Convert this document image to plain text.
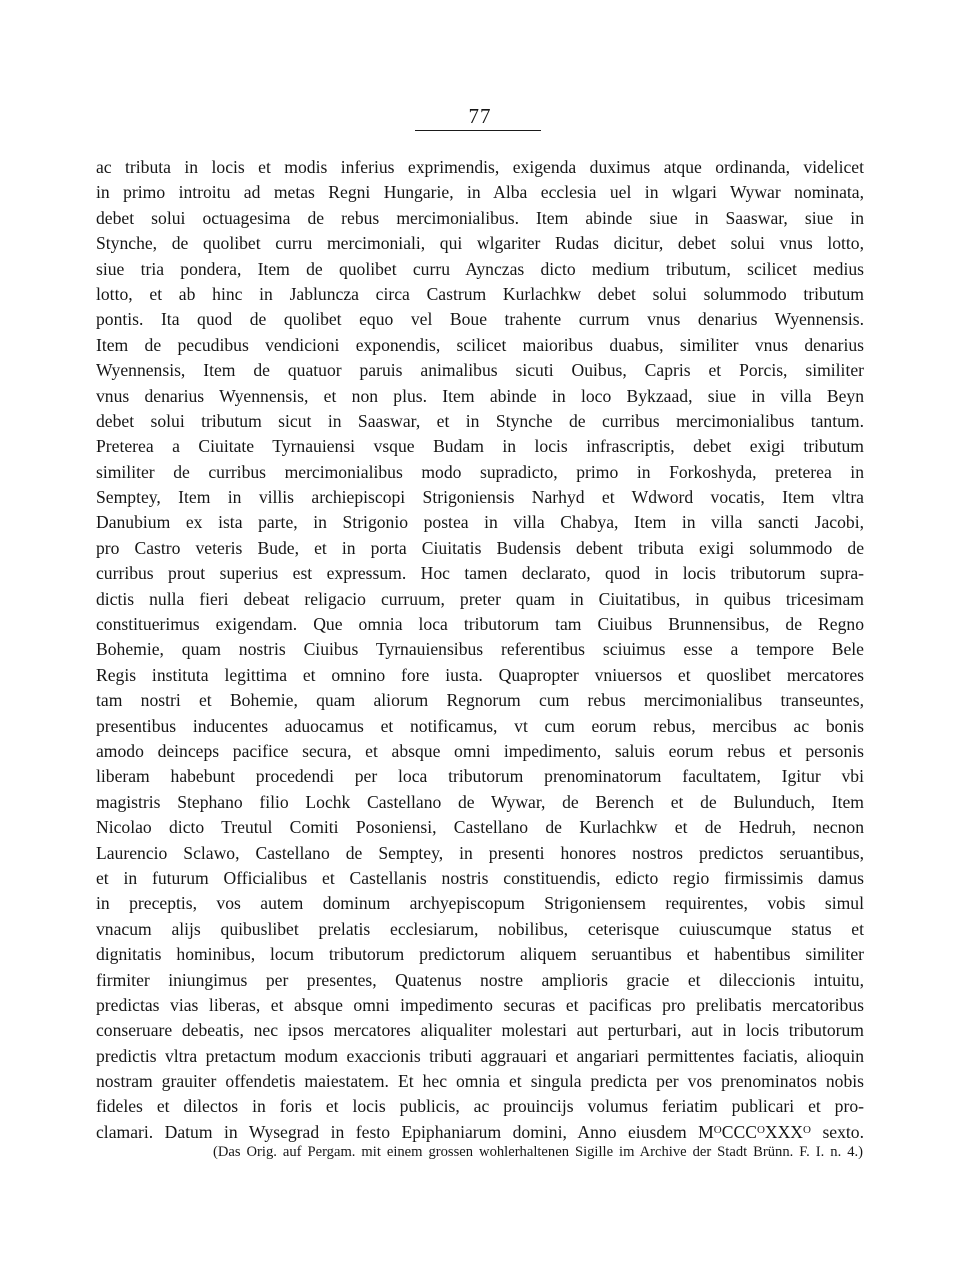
77
ac tributa in locis et modis inferius exprimendis, exigenda duximus atque ordinanda, videlicet
in primo introitu ad metas Regni Hungarie, in Alba ecclesia uel in wlgari Wywar nominata,
debet solui octuagesima de rebus mercimonialibus. Item abinde siue in Saaswar, siue in
Stynche, de quolibet curru mercimoniali, qui wlgariter Rudas dicitur, debet solui vnus lotto,
siue tria pondera, Item de quolibet curru Aynczas dicto medium tributum, scilicet medius
lotto, et ab hinc in Jabluncza circa Castrum Kurlachkw debet solui solummodo tributum
pontis. Ita quod de quolibet equo vel Boue trahente currum vnus denarius Wyennensis.
Item de pecudibus vendicioni exponendis, scilicet maioribus duabus, similiter vnus denarius
Wyennensis, Item de quatuor paruis animalibus sicuti Ouibus, Capris et Porcis, similiter
vnus denarius Wyennensis, et non plus. Item abinde in loco Bykzaad, siue in villa Beyn
debet solui tributum sicut in Saaswar, et in Stynche de curribus mercimonialibus tantum.
Preterea a Ciuitate Tyrnauiensi vsque Budam in locis infrascriptis, debet exigi tributum
similiter de curribus mercimonialibus modo supradicto, primo in Forkoshyda, preterea in
Semptey, Item in villis archiepiscopi Strigoniensis Narhyd et Wdword vocatis, Item vltra
Danubium ex ista parte, in Strigonio postea in villa Chabya, Item in villa sancti Jacobi,
pro Castro veteris Bude, et in porta Ciuitatis Budensis debent tributa exigi solummodo de
curribus prout superius est expressum. Hoc tamen declarato, quod in locis tributorum supra-
dictis nulla fieri debeat religacio curruum, preter quam in Ciuitatibus, in quibus tricesimam
constituerimus exigendam. Que omnia loca tributorum tam Ciuibus Brunnensibus, de Regno
Bohemie, quam nostris Ciuibus Tyrnauiensibus referentibus sciuimus esse a tempore Bele
Regis instituta legittima et omnino fore iusta. Quapropter vniuersos et quoslibet mercatores
tam nostri et Bohemie, quam aliorum Regnorum cum rebus mercimonialibus transeuntes,
presentibus inducentes aduocamus et notificamus, vt cum eorum rebus, mercibus ac bonis
amodo deinceps pacifice secura, et absque omni impedimento, saluis eorum rebus et personis
liberam habebunt procedendi per loca tributorum prenominatorum facultatem, Igitur vbi
magistris Stephano filio Lochk Castellano de Wywar, de Berench et de Bulunduch, Item
Nicolao dicto Treutul Comiti Posoniensi, Castellano de Kurlachkw et de Hedruh, necnon
Laurencio Sclawo, Castellano de Semptey, in presenti honores nostros predictos seruantibus,
et in futurum Officialibus et Castellanis nostris constituendis, edicto regio firmissimis damus
in preceptis, vos autem dominum archyepiscopum Strigoniensem requirentes, vobis simul
vnacum alijs quibuslibet prelatis ecclesiarum, nobilibus, ceterisque cuiuscumque status et
dignitatis hominibus, locum tributorum predictorum aliquem seruantibus et habentibus similiter
firmiter iniungimus per presentes, Quatenus nostre amplioris gracie et dileccionis intuitu,
predictas vias liberas, et absque omni impedimento securas et pacificas pro prelibatis mercatoribus
conseruare debeatis, nec ipsos mercatores aliqualiter molestari aut perturbari, aut in locis tributorum
predictis vltra pretactum modum exaccionis tributi aggrauari et angariari permittentes faciatis, alioquin
nostram grauiter offendetis maiestatem. Et hec omnia et singula predicta per vos prenominatos nobis
fideles et dilectos in foris et locis publicis, ac prouincijs volumus feriatim publicari et pro-
clamari. Datum in Wysegrad in festo Epiphaniarum domini, Anno eiusdem $M^OCCC^OXXX^O$ sexto.
(Das Orig. auf Pergam. mit einem grossen wohlerhaltenen Sigille im Archive der Stadt Brünn. F. I. n. 4.)
